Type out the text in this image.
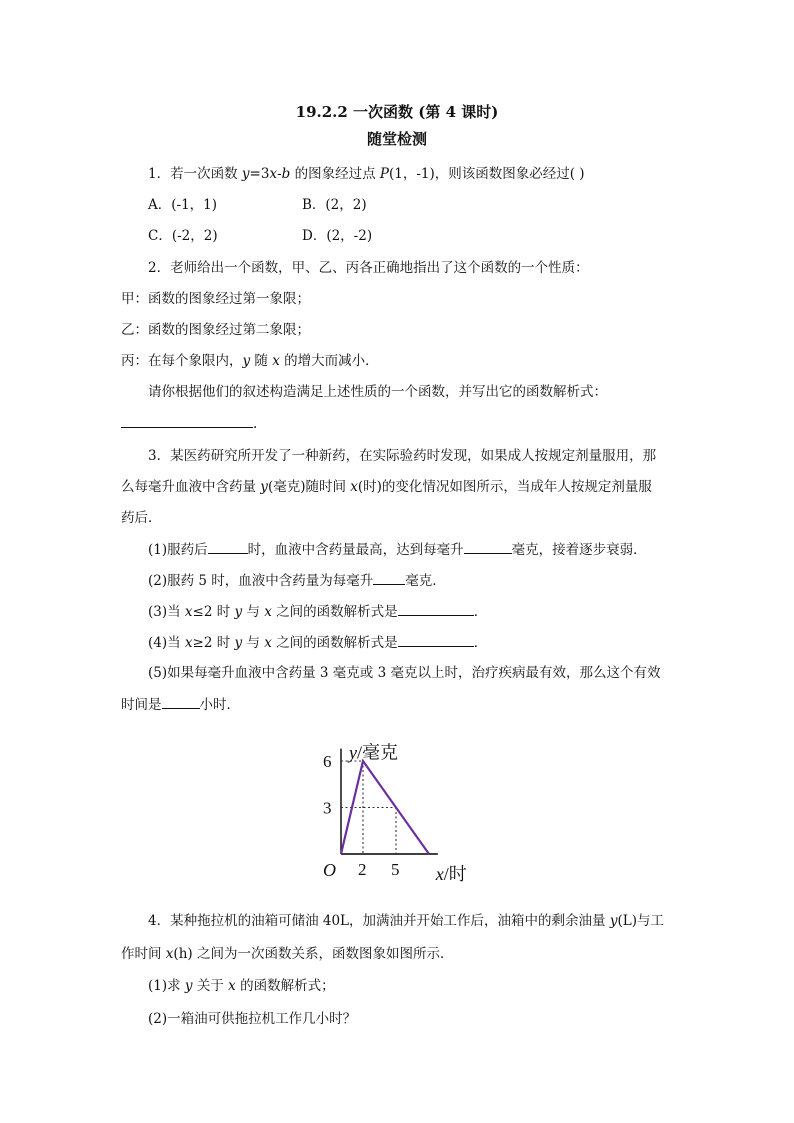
19.2.2 一次函数 (第 4 课时)
随堂检测
1．若一次函数 y=3x-b 的图象经过点 P(1，-1)，则该函数图象必经过( )
A．(-1，1)	B．(2，2)
C．(-2，2)	D．(2，-2)
2．老师给出一个函数，甲、乙、丙各正确地指出了这个函数的一个性质：
甲：函数的图象经过第一象限；
乙：函数的图象经过第二象限；
丙：在每个象限内，y 随 x 的增大而减小．
请你根据他们的叙述构造满足上述性质的一个函数，并写出它的函数解析式：
.
3．某医药研究所开发了一种新药，在实际验药时发现，如果成人按规定剂量服用，那
么每毫升血液中含药量 y(毫克)随时间 x(时)的变化情况如图所示，当成年人按规定剂量服
药后．
(1)服药后	时，血液中含药量最高，达到每毫升	毫克，接着逐步衰弱．
(2)服药 5 时，血液中含药量为每毫升 毫克．
(3)当 x≤2 时 y 与 x 之间的函数解析式是	．
(4)当 x≥2 时 y 与 x 之间的函数解析式是	．
(5)如果每毫升血液中含药量 3 毫克或 3 毫克以上时，治疗疾病最有效，那么这个有效
时间是	小时．
2 5
3
6
O
y/毫克
x/时
4．某种拖拉机的油箱可储油 40L，加满油并开始工作后，油箱中的剩余油量 y(L)与工
作时间 x(h) 之间为一次函数关系，函数图象如图所示．
(1)求 y 关于 x 的函数解析式；
(2)一箱油可供拖拉机工作几小时？
